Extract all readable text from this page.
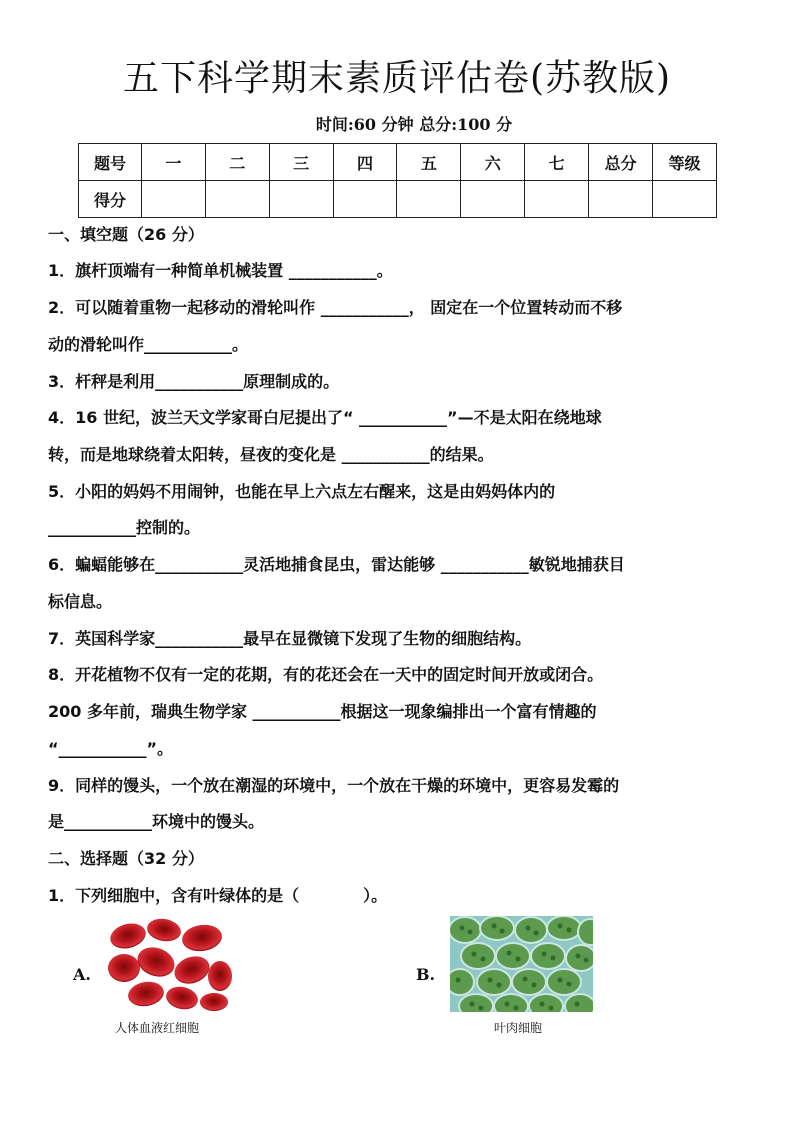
五下科学期末素质评估卷(苏教版)
时间:60 分钟 总分:100 分
题号	一	二	三	四	五	六	七	总分	等级
得分									
一、填空题（26 分）
1．旗杆顶端有一种简单机械装置 ___________。
2．可以随着重物一起移动的滑轮叫作 ___________， 固定在一个位置转动而不移
动的滑轮叫作___________。
3．杆秤是利用___________原理制成的。
4．16 世纪，波兰天文学家哥白尼提出了“ ___________”—不是太阳在绕地球
转，而是地球绕着太阳转，昼夜的变化是 ___________的结果。
5．小阳的妈妈不用闹钟，也能在早上六点左右醒来，这是由妈妈体内的
___________控制的。
6．蝙蝠能够在___________灵活地捕食昆虫，雷达能够 ___________敏锐地捕获目
标信息。
7．英国科学家___________最早在显微镜下发现了生物的细胞结构。
8．开花植物不仅有一定的花期，有的花还会在一天中的固定时间开放或闭合。
200 多年前，瑞典生物学家 ___________根据这一现象编排出一个富有情趣的
“___________”。
9．同样的馒头，一个放在潮湿的环境中，一个放在干燥的环境中，更容易发霉的
是___________环境中的馒头。
二、选择题（32 分）
1．下列细胞中，含有叶绿体的是（　　　　）。
A.
人体血液红细胞
B.
叶肉细胞
